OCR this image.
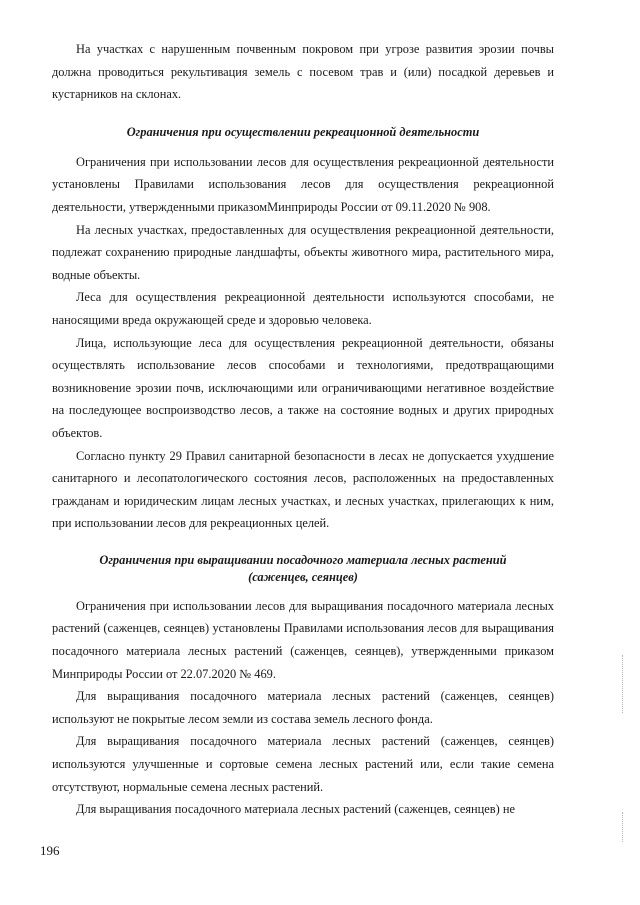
На участках с нарушенным почвенным покровом при угрозе развития эрозии почвы должна проводиться рекультивация земель с посевом трав и (или) посадкой деревьев и кустарников на склонах.

Ограничения при осуществлении рекреационной деятельности

Ограничения при использовании лесов для осуществления рекреационной деятельности установлены Правилами использования лесов для осуществления рекреационной деятельности, утвержденными приказомМинприроды России от 09.11.2020 № 908.

На лесных участках, предоставленных для осуществления рекреационной деятельности, подлежат сохранению природные ландшафты, объекты животного мира, растительного мира, водные объекты.

Леса для осуществления рекреационной деятельности используются способами, не наносящими вреда окружающей среде и здоровью человека.

Лица, использующие леса для осуществления рекреационной деятельности, обязаны осуществлять использование лесов способами и технологиями, предотвращающими возникновение эрозии почв, исключающими или ограничивающими негативное воздействие на последующее воспроизводство лесов, а также на состояние водных и других природных объектов.

Согласно пункту 29 Правил санитарной безопасности в лесах не допускается ухудшение санитарного и лесопатологического состояния лесов, расположенных на предоставленных гражданам и юридическим лицам лесных участках, и лесных участках, прилегающих к ним, при использовании лесов для рекреационных целей.

Ограничения при выращивании посадочного материала лесных растений
(саженцев, сеянцев)

Ограничения при использовании лесов для выращивания посадочного материала лесных растений (саженцев, сеянцев) установлены Правилами использования лесов для выращивания посадочного материала лесных растений (саженцев, сеянцев), утвержденными приказом Минприроды России от 22.07.2020 № 469.

Для выращивания посадочного материала лесных растений (саженцев, сеянцев) используют не покрытые лесом земли из состава земель лесного фонда.

Для выращивания посадочного материала лесных растений (саженцев, сеянцев) используются улучшенные и сортовые семена лесных растений или, если такие семена отсутствуют, нормальные семена лесных растений.

Для выращивания посадочного материала лесных растений (саженцев, сеянцев) не

196
